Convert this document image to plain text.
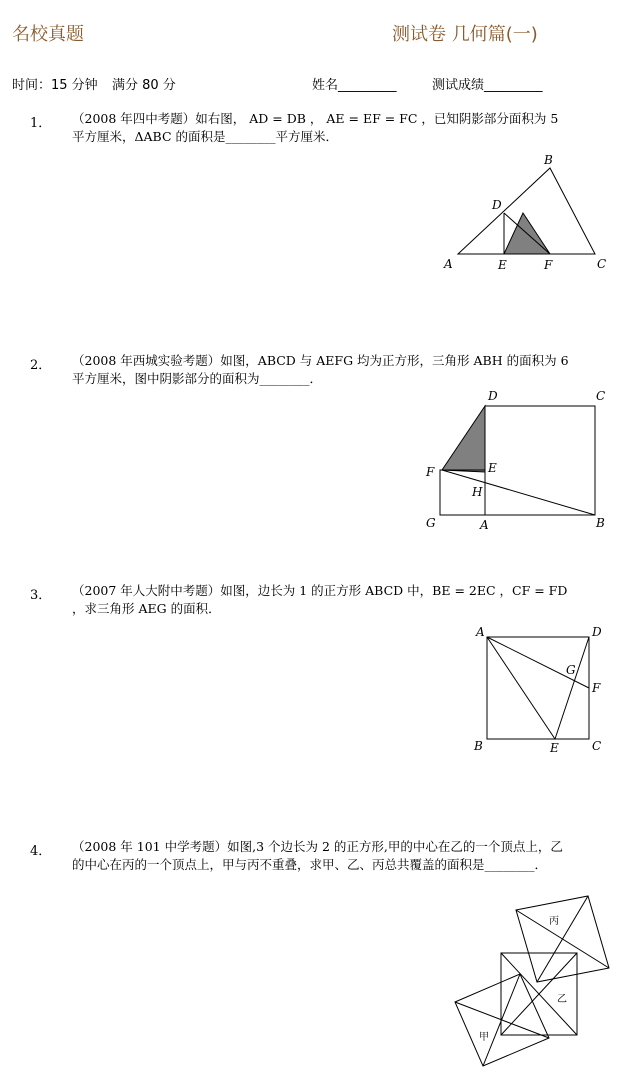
名校真题	测试卷 几何篇(一)
时间：15 分钟 满分 80 分	姓名_________	测试成绩_________
1． （2008 年四中考题）如右图， AD = DB ， AE = EF = FC ，已知阴影部分面积为 5 平方厘米，ΔABC 的面积是________平方厘米．
A
B
C
D
E	F
2． （2008 年西城实验考题）如图，ABCD 与 AEFG 均为正方形，三角形 ABH 的面积为 6 平方厘米，图中阴影部分的面积为________．
D	C
F	E
H
G	A	B
3． （2007 年人大附中考题）如图，边长为 1 的正方形 ABCD 中，BE = 2EC ，CF = FD ，求三角形 AEG 的面积．
A	D
G
F
B	E	C
4． （2008 年 101 中学考题）如图,3 个边长为 2 的正方形,甲的中心在乙的一个顶点上，乙的中心在丙的一个顶点上，甲与丙不重叠，求甲、乙、丙总共覆盖的面积是________．
丙
乙
甲
